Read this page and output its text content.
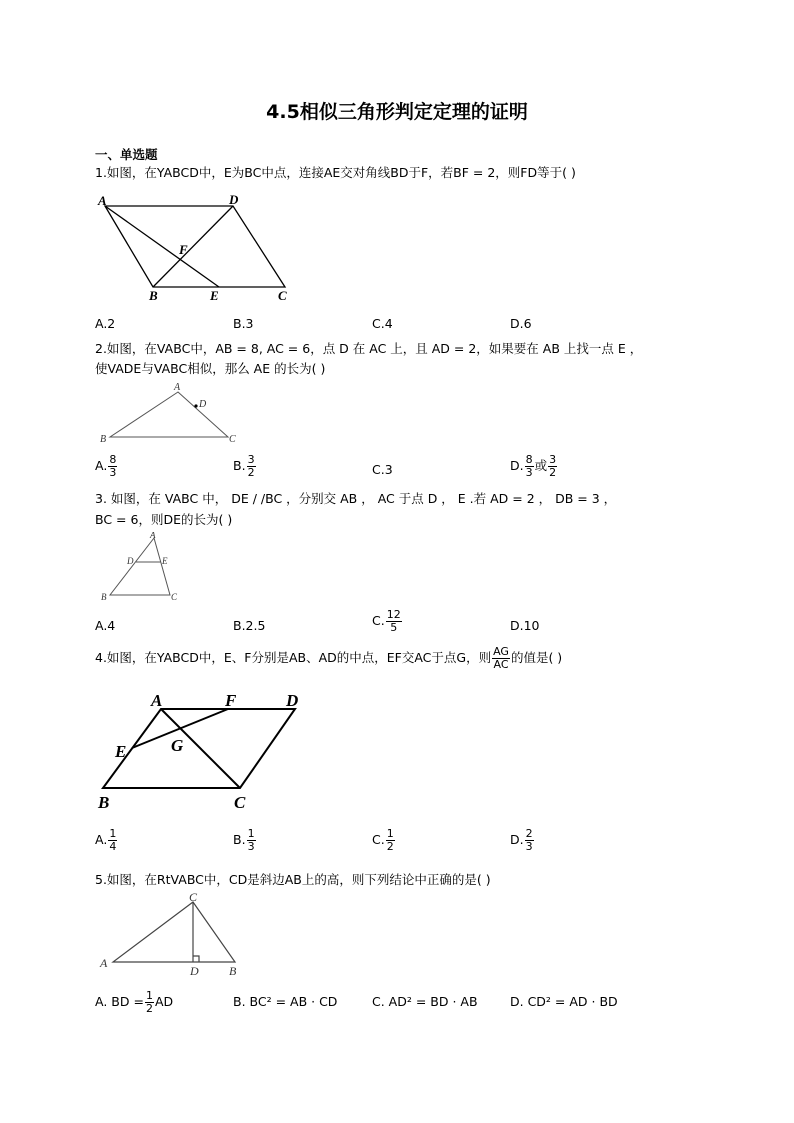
4.5相似三角形判定定理的证明
一、单选题
1.如图，在YABCD中，E为BC中点，连接AE交对角线BD于F，若BF = 2，则FD等于( )
A	D
F
B	E	C
A.2	B.3	C.4	D.6
2.如图，在VABC中，AB = 8, AC = 6，点 D 在 AC 上，且 AD = 2，如果要在 AB 上找一点 E ，
使VADE与VABC相似，那么 AE 的长为( )
A
D
B	C
A. $\frac{8}{3}$	B. $\frac{3}{2}$	C.3	D. $\frac{8}{3}$ 或 $\frac{3}{2}$
3. 如图，在 VABC 中， DE / /BC ，分别交 AB ， AC 于点 D ， E .若 AD = 2 ， DB = 3 ，
BC = 6，则DE的长为( )
A
D	E
B	C
A.4	B.2.5	C. $\frac{12}{5}$	D.10
4.如图，在YABCD中，E、F分别是AB、AD的中点，EF交AC于点G，则 $\frac{AG}{AC}$ 的值是( )
A	F	D
G
E
B	C
A. $\frac{1}{4}$	B. $\frac{1}{3}$	C. $\frac{1}{2}$	D. $\frac{2}{3}$
5.如图，在RtVABC中，CD是斜边AB上的高，则下列结论中正确的是( )
C
A
D	B
A. BD = $\frac{1}{2}$ AD	B. BC² = AB · CD	C. AD² = BD · AB	D. CD² = AD · BD
